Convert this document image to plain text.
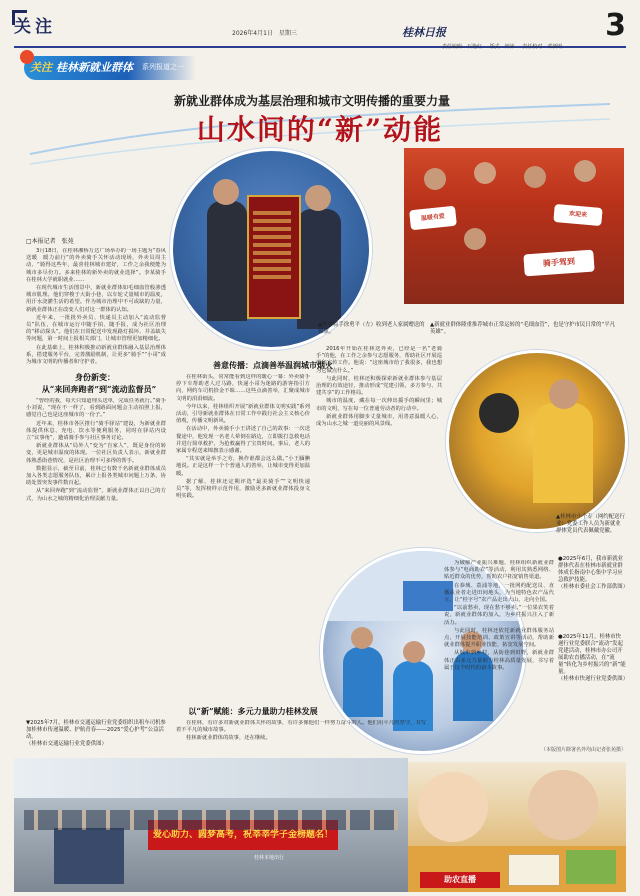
关注	2026年4月1日　星期三	桂林日报	3
责任编辑　石艳红 版式　钟沛 责任校对　邓新明
关注 桂林新就业群体 系列报道之一
新就业群体成为基层治理和城市文明传播的重要力量
山水间的“新”动能
▲外卖骑手徐勇平（左）收到老人家属赠送的锦旗。
温暖有爱
骑手驾到
欢迎来
▲新就业群体隆重推荐城市正常运转的“毛细血管”，也是守护市民日常的“平凡英雄”。
□本报记者　张苑

3月18日，在桂林湘桥万达广场举办的一场主题为“春风送暖　暖力前行”的外卖骑手关怀活动现场，外卖员周主动、“骑得这些年，最喜桂林城市建好，工作之余我便能为城市多尽份力。多来桂林的新外卖的就业选择”。李某骑手在桂林大学就职就业……

在现代城市生活图景中，新就业群体如毛细血管般渗透城市肌理。他们穿梭于大街小巷，以车轮丈量城市的温度，用汗水浇灌生活的希望。作为城市治理中不可或缺的力量，新就业群体正在改变人们对这一群体的认知。

近年来，一批批外卖员、快递员主动加入“流动监督员”队伍，在城市运行中随手拍、随手报，成为社区治理的“移动探头”。他们在日常配送中发现路灯损坏、井盖缺失等问题，第一时间上报相关部门，让城市管理更加精细化。

在此基础上，桂林积极推动新就业群体融入基层治理体系，搭建服务平台，完善激励机制，让更多“骑手”“小哥”成为城市文明的传播者和守护者。

身份新变：
从“来回奔跑者”到“流动监督员”

“曾经的我，每天只知道埋头送单，完成任务就行。”骑手小刘说，“现在不一样了，看到路面问题会主动拍照上报，感觉自己也是这座城市的一份子。”

近年来，桂林市各区推行“骑手驿站”建设，为新就业群体提供休息、充电、饮水等便利服务，同时在驿站内设立“议事角”，邀请骑手参与社区事务讨论。

新就业群体从“局外人”变为“自家人”，既是身份的转变，更是城市温度的体现。一位社区负责人表示，新就业群体熟悉街巷情况，是社区治理不可多得的帮手。

数据显示，截至目前，桂林已有数千名新就业群体成员加入各类志愿服务队伍，累计上报各类城市问题上万条，协助处置突发事件数百起。

从“来回奔跑”到“流动监督”，新就业群体正以自己的方式，为山水之城的精细化治理贡献力量。

善意传播：点滴善举温润城市烟火

在桂林街头，常常能看到这样的暖心一幕：外卖骑手停下车帮助老人过马路，快递小哥为迷路的游客指引方向，网约车司机拾金不昧……这些点滴善举，汇聚成城市文明的涓涓细流。

今年以来，桂林组织开展“新就业群体文明实践”系列活动，引导新就业群体在日常工作中践行社会主义核心价值观，传播文明新风。

在活动中，外卖骑手小王讲述了自己的故事：一次送餐途中，他发现一名老人晕倒在路边，立即拨打急救电话并进行简单救护，为抢救赢得了宝贵时间。事后，老人的家属专程送来锦旗表示感谢。

“其实就是举手之劳，换作谁都会这么做。”小王腼腆地说。正是这样一个个普通人的善举，让城市变得更加温暖。

据了解，桂林还定期评选“最美骑手”“文明快递员”等，发挥榜样示范作用，激励更多新就业群体投身文明实践。

2016年开始在桂林送外卖，已经是一名“老骑手”的他，在工作之余参与志愿服务，帮助社区开展巡逻和宣传工作。他说：“这座城市给了我很多，我也想为它做点什么。”

与此同时，桂林还积极探索新就业群体参与基层治理的有效途径，推动形成“党建引领、多方参与、共建共享”的工作格局。

城市的温度，藏在每一次伸出援手的瞬间里；城市的文明，写在每一位普通劳动者的行动中。

新就业群体用脚步丈量城市，用善意温暖人心，成为山水之城一道亮丽的风景线。

▲桂林市小个专（网约配送行业）党委工作人员为新就业群体党员代表佩戴党徽。
●2025年6月，我市新就业群体代表在桂林市新就业群体成长指南中心集中学习应急救护技能。
（桂林市委社会工作部供图）
●2025年11月，桂林市快递行业党委联合“流动”发起党建活动，桂林市办公司开展助农直播活动，在“流量”转化为乡村振兴的“新”能量。
（桂林市快递行业党委供图）

为破解产业振兴难题，桂林组织新就业群体参与“电商助农”等活动，利用其熟悉网络、贴近群众的优势，帮助农户拓宽销售渠道。

在恭城、荔浦等地，一批网约配送员、直播从业者走进田间地头，为当地特色农产品代言，让“桂字号”农产品走出大山、走向全国。

“以前愁卖，现在愁不够卖。”一位果农笑着说，新就业群体的加入，为乡村振兴注入了新活力。

与此同时，桂林还依托新就业群体服务站点，开展技能培训、政策宣讲等活动，帮助新就业群体提升职业技能，拓宽发展空间。

从城市到乡村，从街巷到田野，新就业群体正以多元力量助力桂林高质量发展，书写着属于这个时代的奋斗故事。

以“新”赋能：多元力量助力桂林发展

在桂林，有许多对新就业群体关怀的故事，有许多像他们一样努力奋斗的人。他们用平凡的坚守，书写着不平凡的城市故事。

桂林新就业群体的故事，还在继续。

（本版图片除署名外均由记者张苑摄）
▼2025年7月，桂林市交通运输行业党委组织出租车司机参加桂林市传递温暖、护航青春——2025“爱心护考”公益活动。
（桂林市交通运输行业党委供图）
爱心助力、圆梦高考，祝莘莘学子金榜题名！
桂林本地出行
助农直播
